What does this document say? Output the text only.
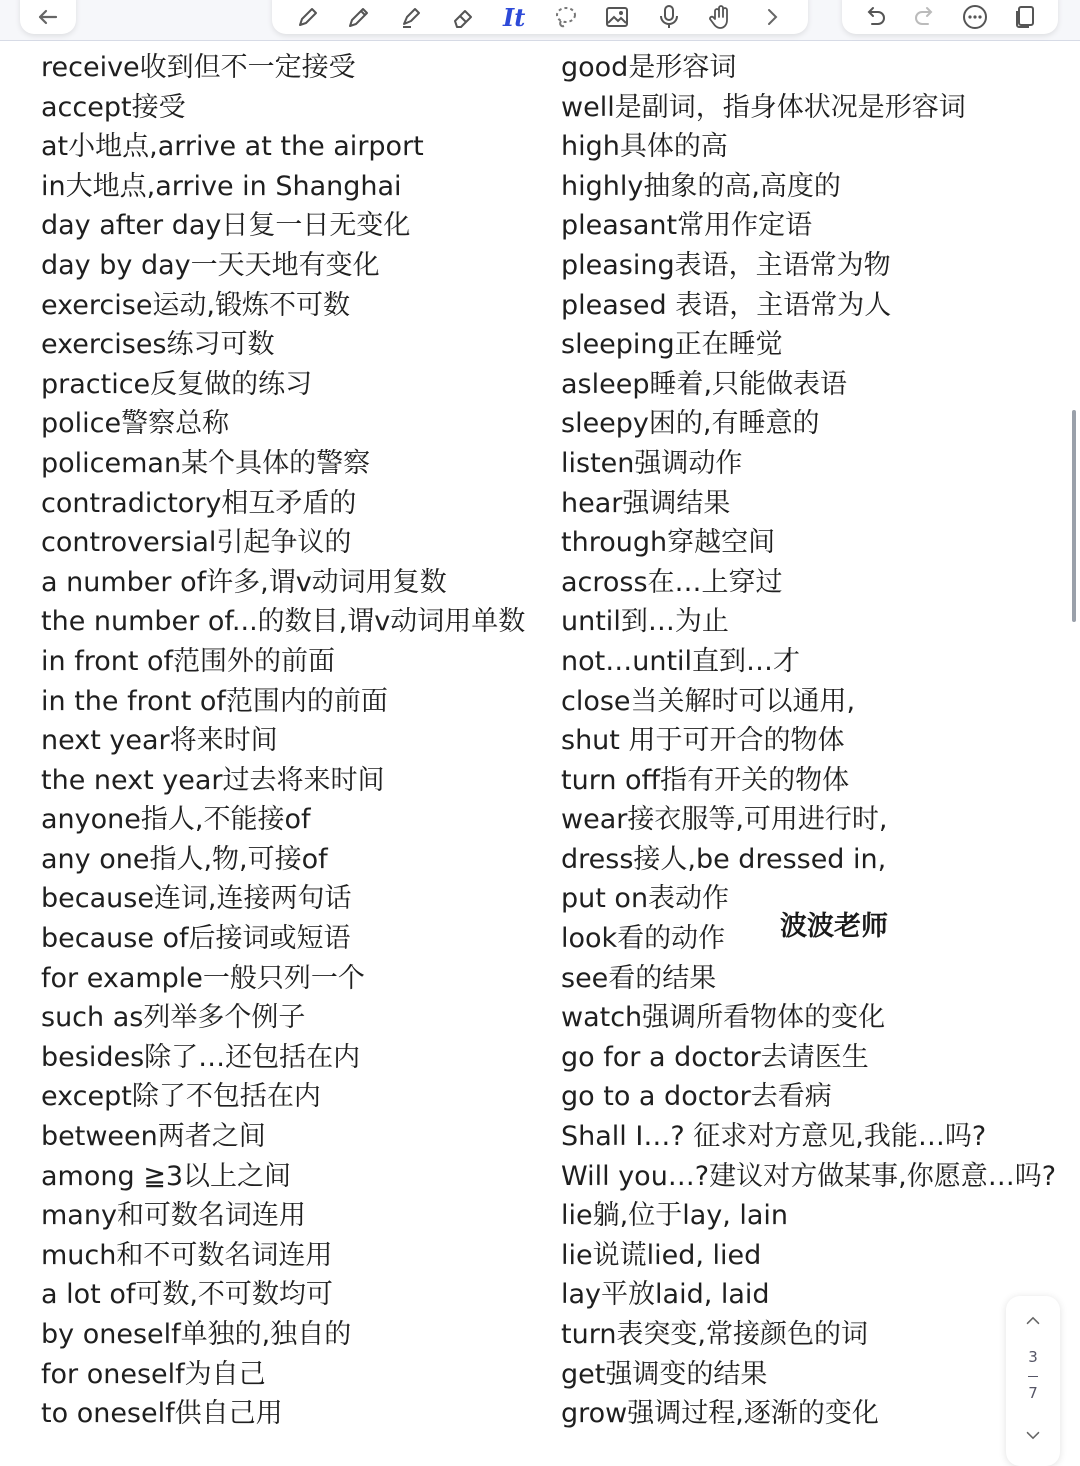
It
receive收到但不一定接受
accept接受
at小地点,arrive at the airport
in大地点,arrive in Shanghai
day after day日复一日无变化
day by day一天天地有变化
exercise运动,锻炼不可数
exercises练习可数
practice反复做的练习
police警察总称
policeman某个具体的警察
contradictory相互矛盾的
controversial引起争议的
a number of许多,谓v动词用复数
the number of...的数目,谓v动词用单数
in front of范围外的前面
in the front of范围内的前面
next year将来时间
the next year过去将来时间
anyone指人,不能接of
any one指人,物,可接of
because连词,连接两句话
because of后接词或短语
for example一般只列一个
such as列举多个例子
besides除了…还包括在内
except除了不包括在内
between两者之间
among ≧3以上之间
many和可数名词连用
much和不可数名词连用
a lot of可数,不可数均可
by oneself单独的,独自的
for oneself为自己
to oneself供自己用
good是形容词
well是副词，指身体状况是形容词
high具体的高
highly抽象的高,高度的
pleasant常用作定语
pleasing表语，主语常为物
pleased 表语，主语常为人
sleeping正在睡觉
asleep睡着,只能做表语
sleepy困的,有睡意的
listen强调动作
hear强调结果
through穿越空间
across在…上穿过
until到…为止
not…until直到…才
close当关解时可以通用,
shut 用于可开合的物体
turn off指有开关的物体
wear接衣服等,可用进行时,
dress接人,be dressed in,
put on表动作
look看的动作
see看的结果
watch强调所看物体的变化
go for a doctor去请医生
go to a doctor去看病
Shall I…? 征求对方意见,我能…吗?
Will you…?建议对方做某事,你愿意…吗?
lie躺,位于lay, lain
lie说谎lied, lied
lay平放laid, laid
turn表突变,常接颜色的词
get强调变的结果
grow强调过程,逐渐的变化
波波老师
3
7
